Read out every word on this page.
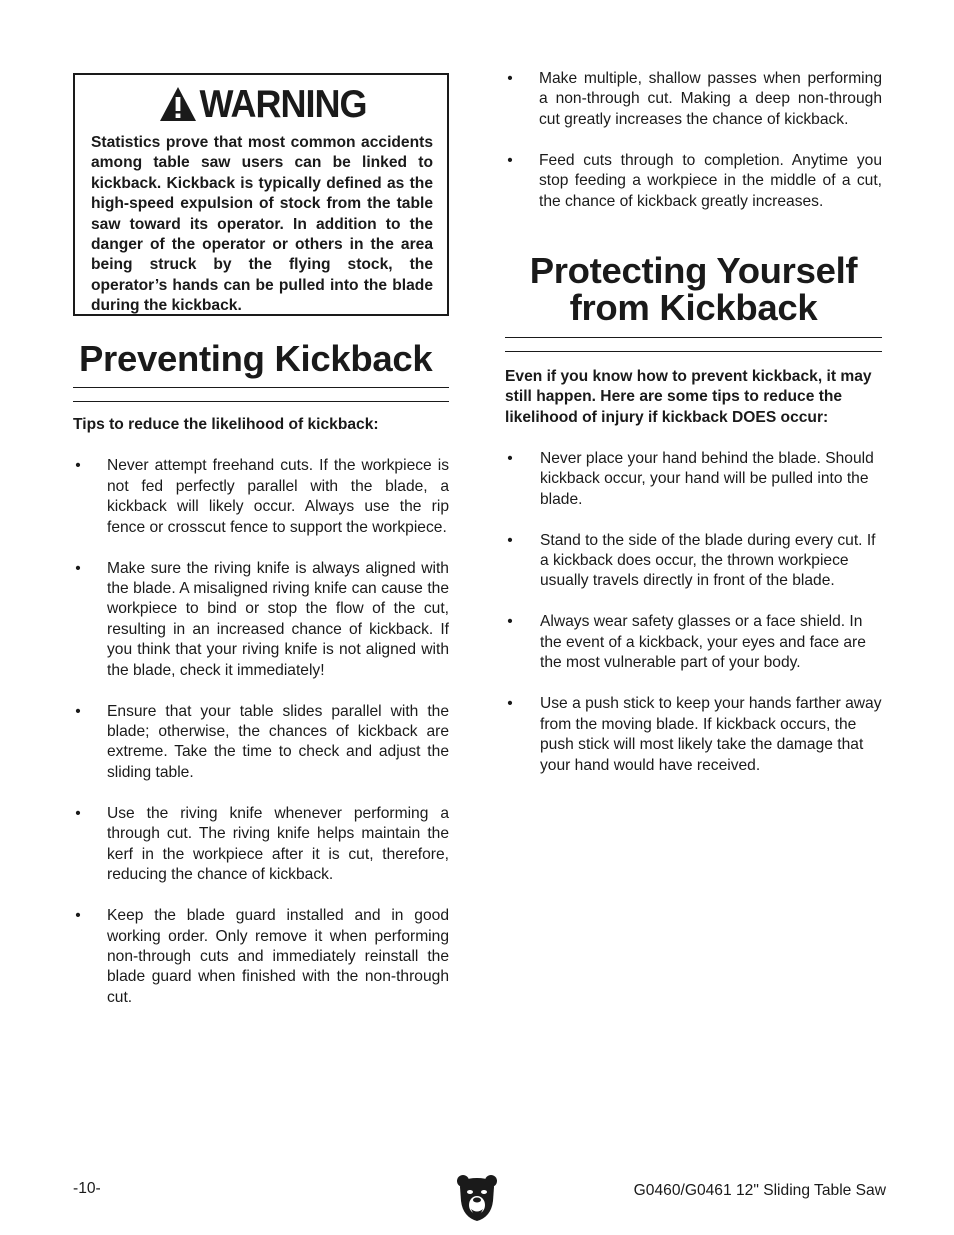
WARNING

Statistics prove that most common accidents among table saw users can be linked to kickback. Kickback is typically defined as the high-speed expulsion of stock from the table saw toward its operator. In addition to the danger of the operator or others in the area being struck by the flying stock, the operator’s hands can be pulled into the blade during the kickback.

Preventing Kickback

Tips to reduce the likelihood of kickback:

• Never attempt freehand cuts. If the workpiece is not fed perfectly parallel with the blade, a kickback will likely occur. Always use the rip fence or crosscut fence to support the workpiece.
• Make sure the riving knife is always aligned with the blade. A misaligned riving knife can cause the workpiece to bind or stop the flow of the cut, resulting in an increased chance of kickback. If you think that your riving knife is not aligned with the blade, check it immediately!
• Ensure that your table slides parallel with the blade; otherwise, the chances of kickback are extreme. Take the time to check and adjust the sliding table.
• Use the riving knife whenever performing a through cut. The riving knife helps maintain the kerf in the workpiece after it is cut, therefore, reducing the chance of kickback.
• Keep the blade guard installed and in good working order. Only remove it when performing non-through cuts and immediately reinstall the blade guard when finished with the non-through cut.
• Make multiple, shallow passes when performing a non-through cut. Making a deep non-through cut greatly increases the chance of kickback.
• Feed cuts through to completion. Anytime you stop feeding a workpiece in the middle of a cut, the chance of kickback greatly increases.
Protecting Yourself
from Kickback

Even if you know how to prevent kickback, it may still happen. Here are some tips to reduce the likelihood of injury if kickback DOES occur:

• Never place your hand behind the blade. Should kickback occur, your hand will be pulled into the blade.
• Stand to the side of the blade during every cut. If a kickback does occur, the thrown workpiece usually travels directly in front of the blade.
• Always wear safety glasses or a face shield. In the event of a kickback, your eyes and face are the most vulnerable part of your body.
• Use a push stick to keep your hands farther away from the moving blade. If kickback occurs, the push stick will most likely take the damage that your hand would have received.
-10-	G0460/G0461 12" Sliding Table Saw
